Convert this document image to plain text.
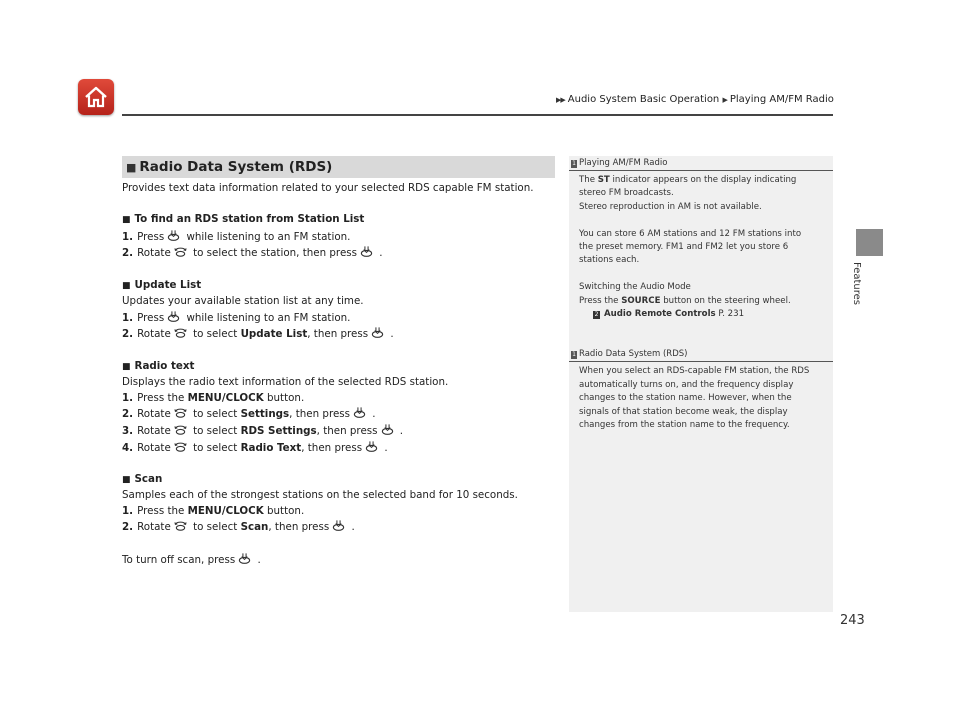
▶▶ Audio System Basic Operation ▶ Playing AM/FM Radio
Features
■ Radio Data System (RDS)

Provides text data information related to your selected RDS capable FM station.

■ To find an RDS station from Station List

1. Press while listening to an FM station.

2. Rotate to select the station, then press .

■ Update List

Updates your available station list at any time.

1. Press while listening to an FM station.

2. Rotate to select Update List, then press .

■ Radio text

Displays the radio text information of the selected RDS station.

1. Press the MENU/CLOCK button.

2. Rotate to select Settings, then press .

3. Rotate to select RDS Settings, then press .

4. Rotate to select Radio Text, then press .

■ Scan

Samples each of the strongest stations on the selected band for 10 seconds.

1. Press the MENU/CLOCK button.

2. Rotate to select Scan, then press .

To turn off scan, press .

1 Playing AM/FM Radio

The ST indicator appears on the display indicating

stereo FM broadcasts.

Stereo reproduction in AM is not available.

You can store 6 AM stations and 12 FM stations into

the preset memory. FM1 and FM2 let you store 6

stations each.

Switching the Audio Mode

Press the SOURCE button on the steering wheel.

2 Audio Remote Controls P. 231

1 Radio Data System (RDS)

When you select an RDS-capable FM station, the RDS

automatically turns on, and the frequency display

changes to the station name. However, when the

signals of that station become weak, the display

changes from the station name to the frequency.

243
